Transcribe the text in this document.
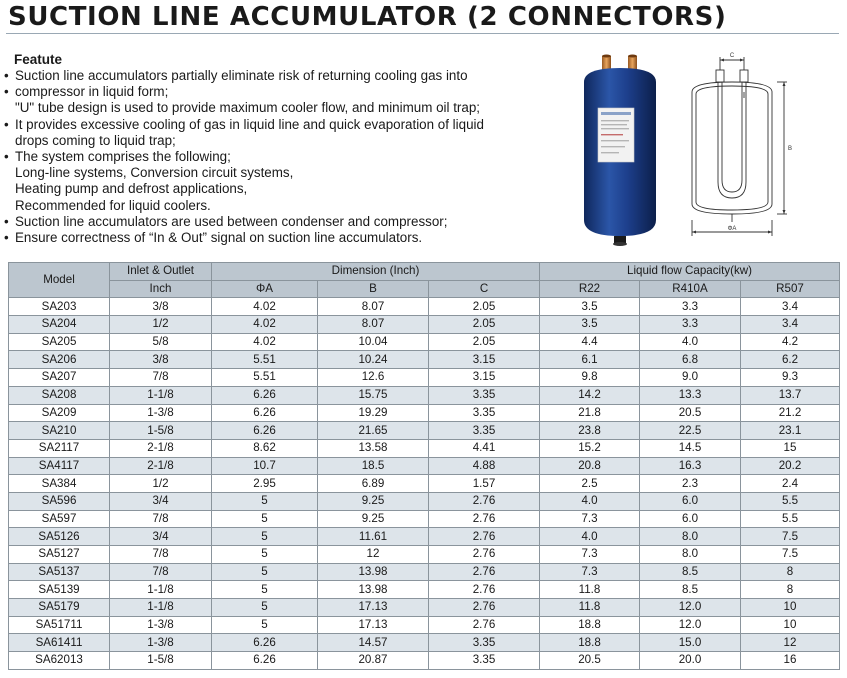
SUCTION LINE ACCUMULATOR (2 CONNECTORS)
Featute
• Suction line accumulators partially eliminate risk of returning cooling gas into
• compressor in liquid form;
"U" tube design is used to provide maximum cooler flow, and minimum oil trap;
• It provides excessive cooling of gas in liquid line and quick evaporation of liquid
drops coming to liquid trap;
• The system comprises the following;
Long-line systems, Conversion circuit systems,
Heating pump and defrost applications,
Recommended for liquid coolers.
• Suction line accumulators are used between condenser and compressor;
• Ensure correctness of “In & Out” signal on suction line accumulators.
C
B
ΦA
Model	Inlet & Outlet	Dimension (Inch)			Liquid flow Capacity(kw)		
	Inch	ΦA	B	C	R22	R410A	R507
SA203	3/8	4.02	8.07	2.05	3.5	3.3	3.4
SA204	1/2	4.02	8.07	2.05	3.5	3.3	3.4
SA205	5/8	4.02	10.04	2.05	4.4	4.0	4.2
SA206	3/8	5.51	10.24	3.15	6.1	6.8	6.2
SA207	7/8	5.51	12.6	3.15	9.8	9.0	9.3
SA208	1-1/8	6.26	15.75	3.35	14.2	13.3	13.7
SA209	1-3/8	6.26	19.29	3.35	21.8	20.5	21.2
SA210	1-5/8	6.26	21.65	3.35	23.8	22.5	23.1
SA2117	2-1/8	8.62	13.58	4.41	15.2	14.5	15
SA4117	2-1/8	10.7	18.5	4.88	20.8	16.3	20.2
SA384	1/2	2.95	6.89	1.57	2.5	2.3	2.4
SA596	3/4	5	9.25	2.76	4.0	6.0	5.5
SA597	7/8	5	9.25	2.76	7.3	6.0	5.5
SA5126	3/4	5	11.61	2.76	4.0	8.0	7.5
SA5127	7/8	5	12	2.76	7.3	8.0	7.5
SA5137	7/8	5	13.98	2.76	7.3	8.5	8
SA5139	1-1/8	5	13.98	2.76	11.8	8.5	8
SA5179	1-1/8	5	17.13	2.76	11.8	12.0	10
SA51711	1-3/8	5	17.13	2.76	18.8	12.0	10
SA61411	1-3/8	6.26	14.57	3.35	18.8	15.0	12
SA62013	1-5/8	6.26	20.87	3.35	20.5	20.0	16
